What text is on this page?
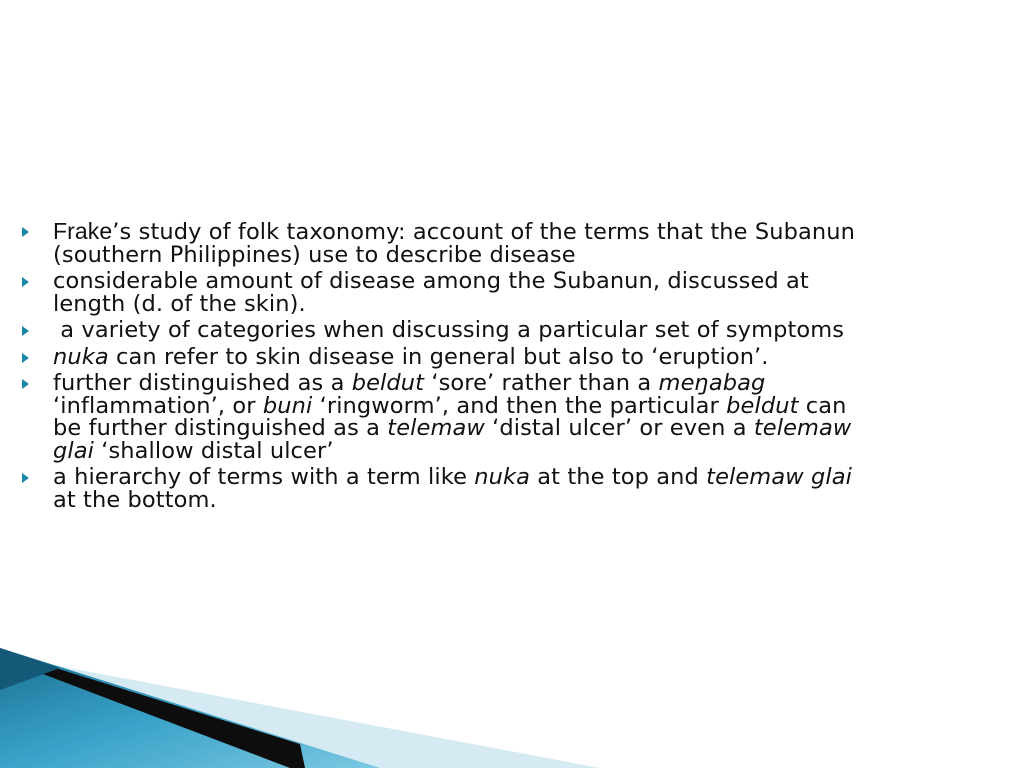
Frake’s study of folk taxonomy: account of the terms that the Subanun (southern Philippines) use to describe disease
considerable amount of disease among the Subanun, discussed at length (d. of the skin).
a variety of categories when discussing a particular set of symptoms
nuka can refer to skin disease in general but also to ‘eruption’.
further distinguished as a beldut ‘sore’ rather than a meŋabag ‘inflammation’, or buni ‘ringworm’, and then the particular beldut can be further distinguished as a telemaw ‘distal ulcer’ or even a telemaw glai ‘shallow distal ulcer’
a hierarchy of terms with a term like nuka at the top and telemaw glai at the bottom.
